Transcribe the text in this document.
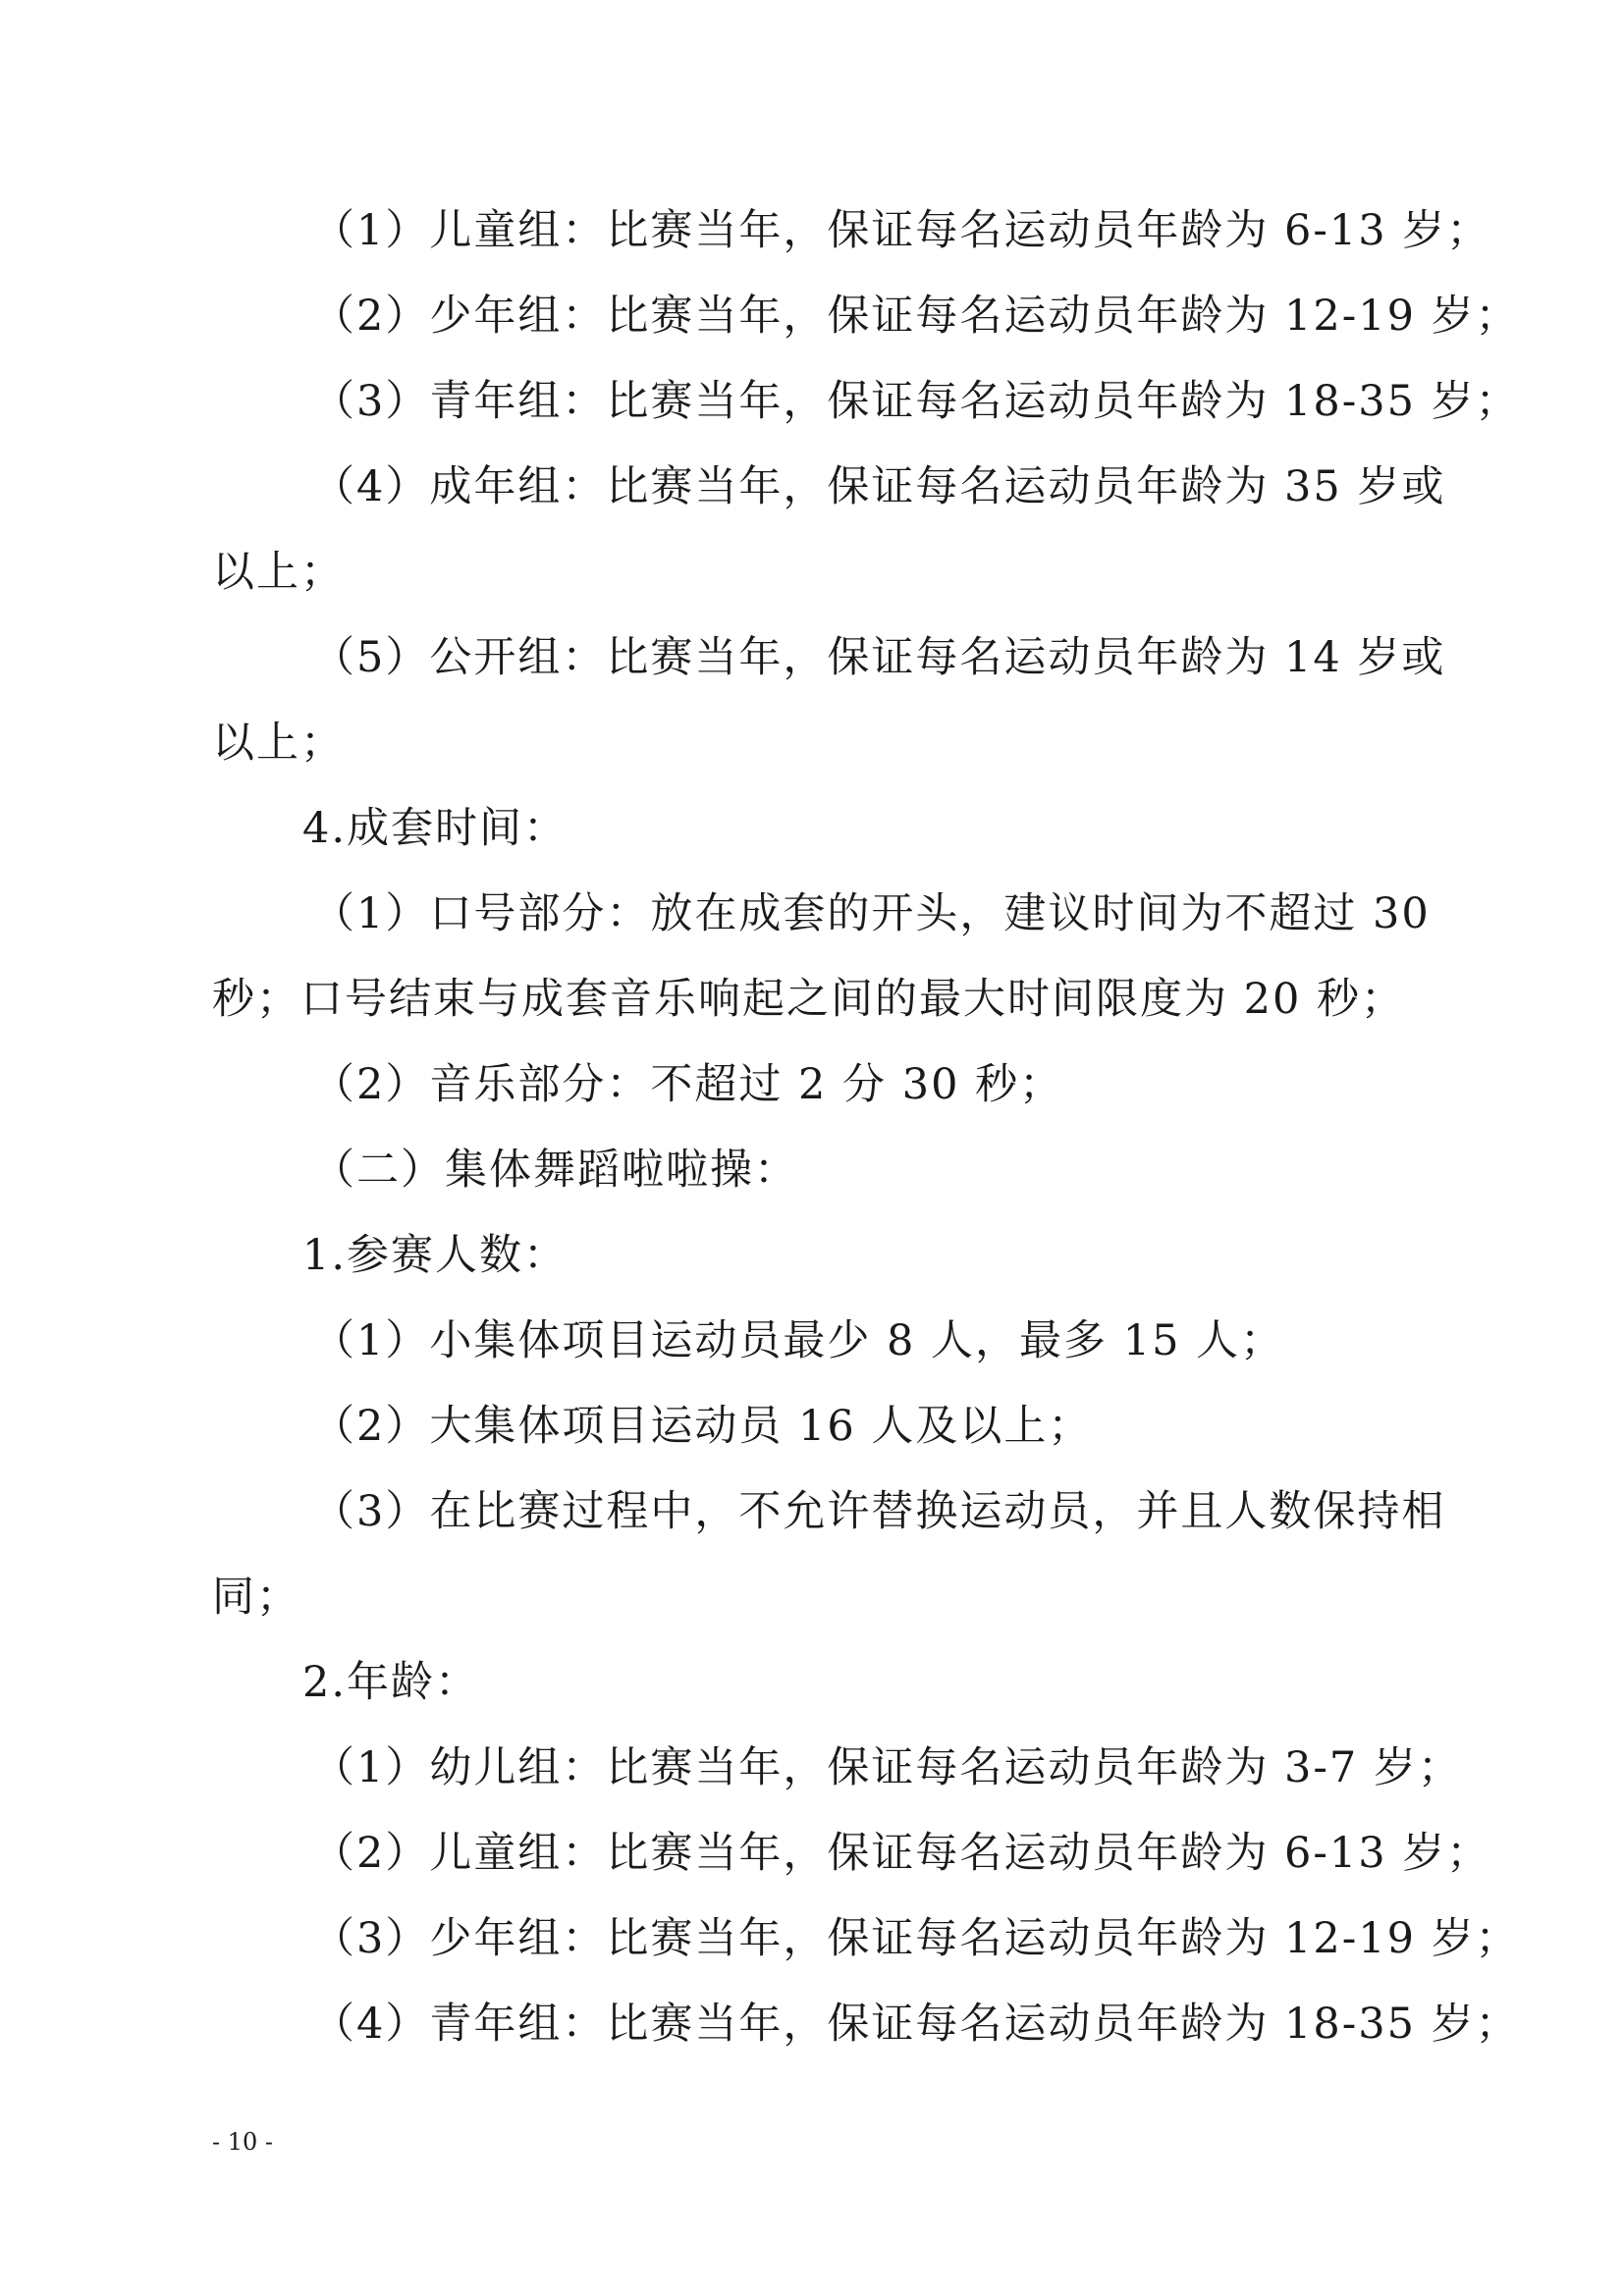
（1）儿童组：比赛当年，保证每名运动员年龄为 6-13 岁；
（2）少年组：比赛当年，保证每名运动员年龄为 12-19 岁；
（3）青年组：比赛当年，保证每名运动员年龄为 18-35 岁；
（4）成年组：比赛当年，保证每名运动员年龄为 35 岁或
以上；
（5）公开组：比赛当年，保证每名运动员年龄为 14 岁或
以上；
4.成套时间：
（1）口号部分：放在成套的开头，建议时间为不超过 30
秒；口号结束与成套音乐响起之间的最大时间限度为 20 秒；
（2）音乐部分：不超过 2 分 30 秒；
（二）集体舞蹈啦啦操：
1.参赛人数：
（1）小集体项目运动员最少 8 人，最多 15 人；
（2）大集体项目运动员 16 人及以上；
（3）在比赛过程中，不允许替换运动员，并且人数保持相
同；
2.年龄：
（1）幼儿组：比赛当年，保证每名运动员年龄为 3-7 岁；
（2）儿童组：比赛当年，保证每名运动员年龄为 6-13 岁；
（3）少年组：比赛当年，保证每名运动员年龄为 12-19 岁；
（4）青年组：比赛当年，保证每名运动员年龄为 18-35 岁；
- 10 -
